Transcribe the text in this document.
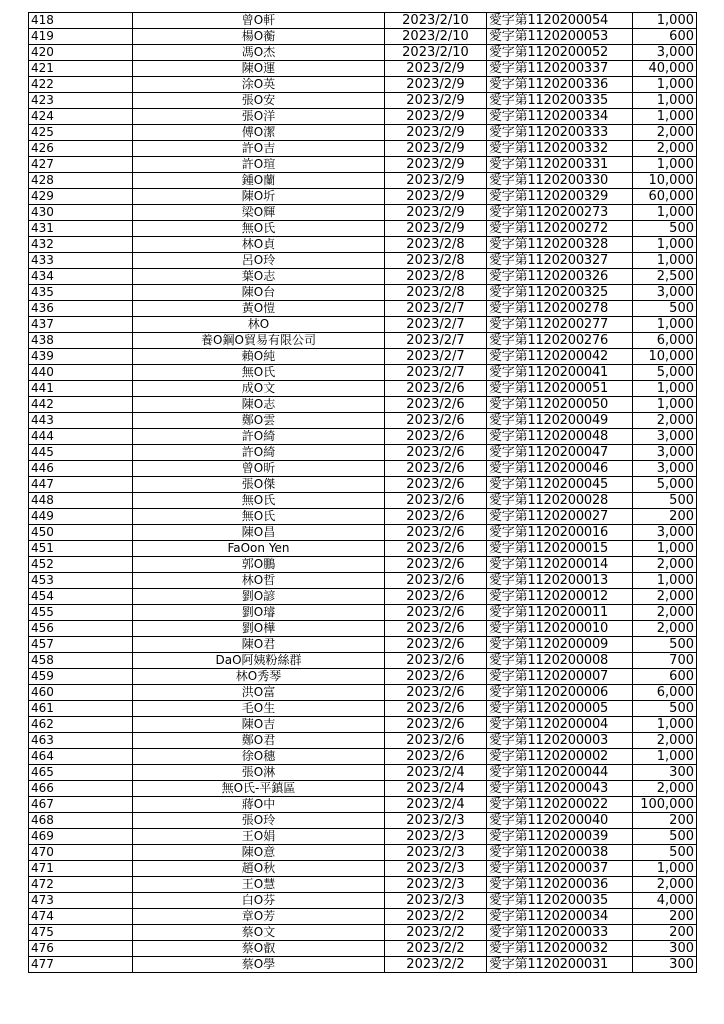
418	曾O軒	2023/2/10	愛字第1120200054	1,000
419	楊O蘅	2023/2/10	愛字第1120200053	600
420	馮O杰	2023/2/10	愛字第1120200052	3,000
421	陳O運	2023/2/9	愛字第1120200337	40,000
422	涂O英	2023/2/9	愛字第1120200336	1,000
423	張O安	2023/2/9	愛字第1120200335	1,000
424	張O洋	2023/2/9	愛字第1120200334	1,000
425	傅O潔	2023/2/9	愛字第1120200333	2,000
426	許O吉	2023/2/9	愛字第1120200332	2,000
427	許O瑄	2023/2/9	愛字第1120200331	1,000
428	鍾O蘭	2023/2/9	愛字第1120200330	10,000
429	陳O圻	2023/2/9	愛字第1120200329	60,000
430	梁O輝	2023/2/9	愛字第1120200273	1,000
431	無O氏	2023/2/9	愛字第1120200272	500
432	林O貞	2023/2/8	愛字第1120200328	1,000
433	呂O玲	2023/2/8	愛字第1120200327	1,000
434	葉O志	2023/2/8	愛字第1120200326	2,500
435	陳O台	2023/2/8	愛字第1120200325	3,000
436	黃O愷	2023/2/7	愛字第1120200278	500
437	林O	2023/2/7	愛字第1120200277	1,000
438	養O鋼O貿易有限公司	2023/2/7	愛字第1120200276	6,000
439	賴O純	2023/2/7	愛字第1120200042	10,000
440	無O氏	2023/2/7	愛字第1120200041	5,000
441	成O文	2023/2/6	愛字第1120200051	1,000
442	陳O志	2023/2/6	愛字第1120200050	1,000
443	鄭O雲	2023/2/6	愛字第1120200049	2,000
444	許O綺	2023/2/6	愛字第1120200048	3,000
445	許O綺	2023/2/6	愛字第1120200047	3,000
446	曾O昕	2023/2/6	愛字第1120200046	3,000
447	張O傑	2023/2/6	愛字第1120200045	5,000
448	無O氏	2023/2/6	愛字第1120200028	500
449	無O氏	2023/2/6	愛字第1120200027	200
450	陳O昌	2023/2/6	愛字第1120200016	3,000
451	FaOon Yen	2023/2/6	愛字第1120200015	1,000
452	郭O鵬	2023/2/6	愛字第1120200014	2,000
453	林O哲	2023/2/6	愛字第1120200013	1,000
454	劉O諺	2023/2/6	愛字第1120200012	2,000
455	劉O璿	2023/2/6	愛字第1120200011	2,000
456	劉O樺	2023/2/6	愛字第1120200010	2,000
457	陳O君	2023/2/6	愛字第1120200009	500
458	DaO阿姨粉絲群	2023/2/6	愛字第1120200008	700
459	林O秀琴	2023/2/6	愛字第1120200007	600
460	洪O富	2023/2/6	愛字第1120200006	6,000
461	毛O生	2023/2/6	愛字第1120200005	500
462	陳O吉	2023/2/6	愛字第1120200004	1,000
463	鄭O君	2023/2/6	愛字第1120200003	2,000
464	徐O穗	2023/2/6	愛字第1120200002	1,000
465	張O淋	2023/2/4	愛字第1120200044	300
466	無O氏-平鎮區	2023/2/4	愛字第1120200043	2,000
467	蔣O中	2023/2/4	愛字第1120200022	100,000
468	張O玲	2023/2/3	愛字第1120200040	200
469	王O娟	2023/2/3	愛字第1120200039	500
470	陳O意	2023/2/3	愛字第1120200038	500
471	趙O秋	2023/2/3	愛字第1120200037	1,000
472	王O慧	2023/2/3	愛字第1120200036	2,000
473	白O芬	2023/2/3	愛字第1120200035	4,000
474	章O芳	2023/2/2	愛字第1120200034	200
475	蔡O文	2023/2/2	愛字第1120200033	200
476	蔡O叡	2023/2/2	愛字第1120200032	300
477	蔡O學	2023/2/2	愛字第1120200031	300
